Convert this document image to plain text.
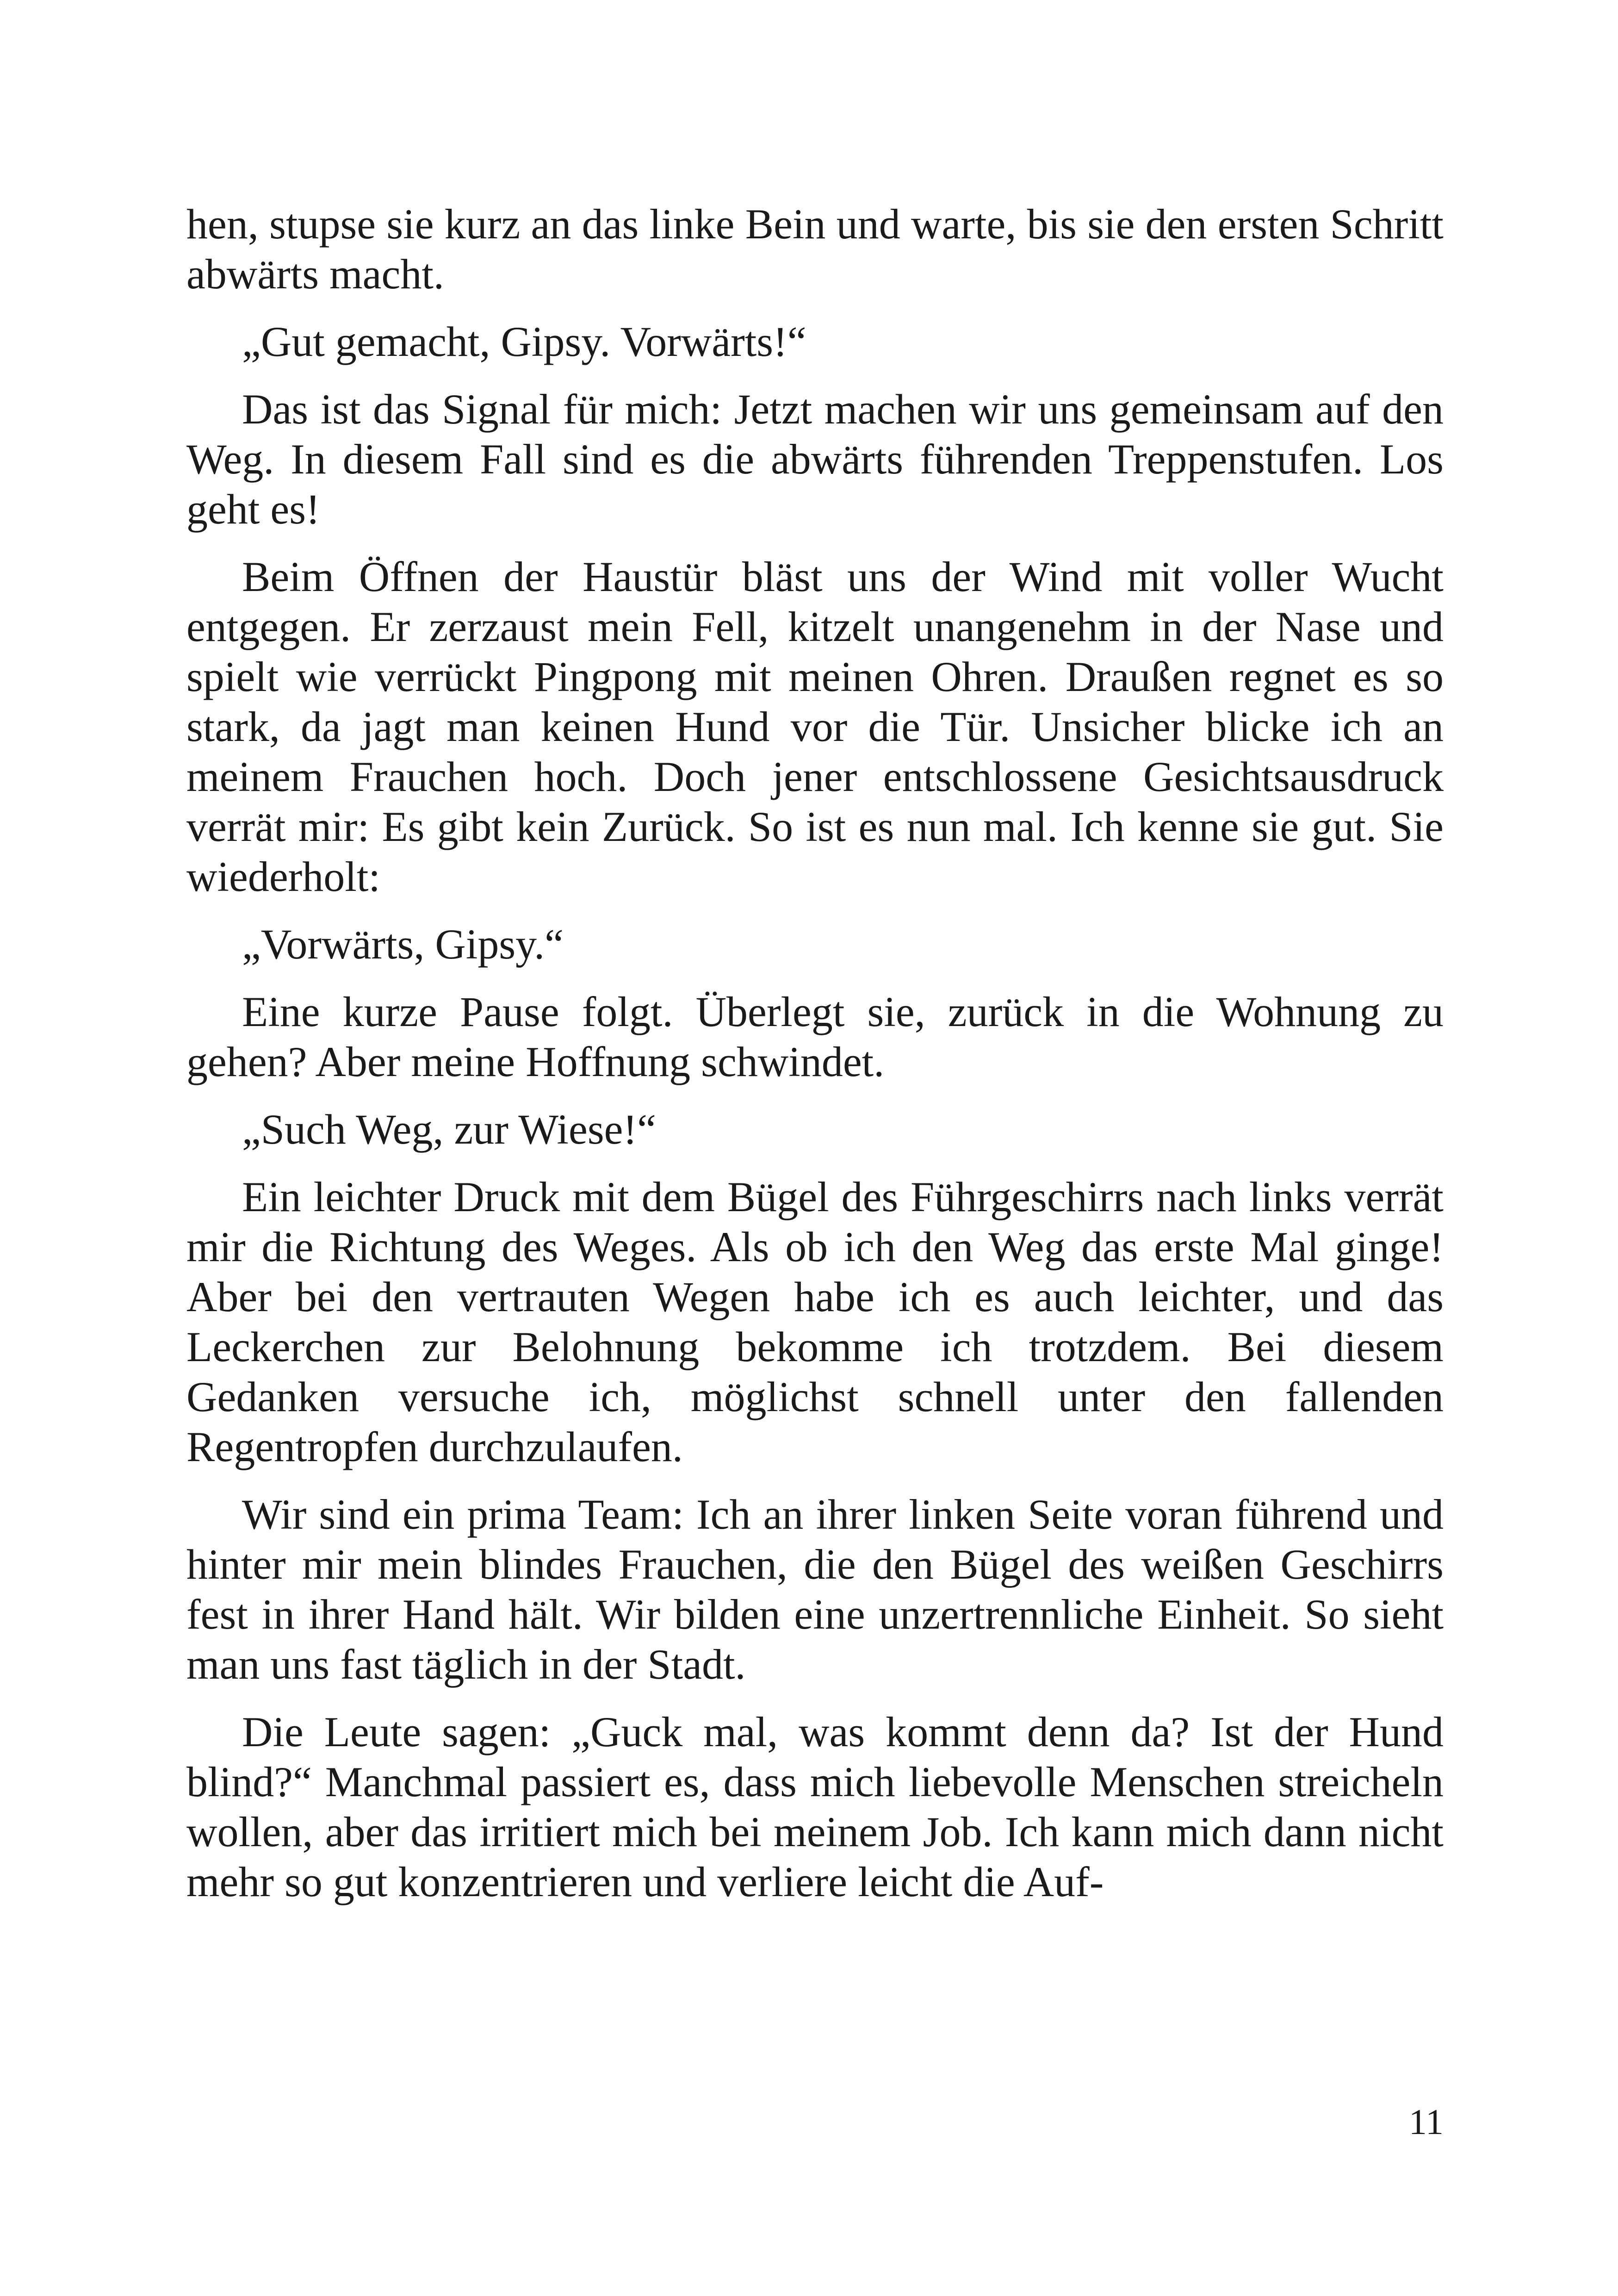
hen, stupse sie kurz an das linke Bein und warte, bis sie den ersten Schritt abwärts macht.

„Gut gemacht, Gipsy. Vorwärts!“

Das ist das Signal für mich: Jetzt machen wir uns gemeinsam auf den Weg. In diesem Fall sind es die abwärts führenden Treppenstufen. Los geht es!

Beim Öffnen der Haustür bläst uns der Wind mit voller Wucht entgegen. Er zerzaust mein Fell, kitzelt unangenehm in der Nase und spielt wie verrückt Pingpong mit meinen Ohren. Draußen regnet es so stark, da jagt man keinen Hund vor die Tür. Unsicher blicke ich an meinem Frauchen hoch. Doch jener entschlossene Gesichtsausdruck verrät mir: Es gibt kein Zurück. So ist es nun mal. Ich kenne sie gut. Sie wiederholt:

„Vorwärts, Gipsy.“

Eine kurze Pause folgt. Überlegt sie, zurück in die Wohnung zu gehen? Aber meine Hoffnung schwindet.

„Such Weg, zur Wiese!“

Ein leichter Druck mit dem Bügel des Führgeschirrs nach links verrät mir die Richtung des Weges. Als ob ich den Weg das erste Mal ginge! Aber bei den vertrauten Wegen habe ich es auch leichter, und das Leckerchen zur Belohnung bekomme ich trotzdem. Bei diesem Gedanken versuche ich, möglichst schnell unter den fallenden Regentropfen durchzulaufen.

Wir sind ein prima Team: Ich an ihrer linken Seite voran führend und hinter mir mein blindes Frauchen, die den Bügel des weißen Geschirrs fest in ihrer Hand hält. Wir bilden eine unzertrennliche Einheit. So sieht man uns fast täglich in der Stadt.

Die Leute sagen: „Guck mal, was kommt denn da? Ist der Hund blind?“ Manchmal passiert es, dass mich liebevolle Menschen streicheln wollen, aber das irritiert mich bei meinem Job. Ich kann mich dann nicht mehr so gut konzentrieren und verliere leicht die Auf-

11
